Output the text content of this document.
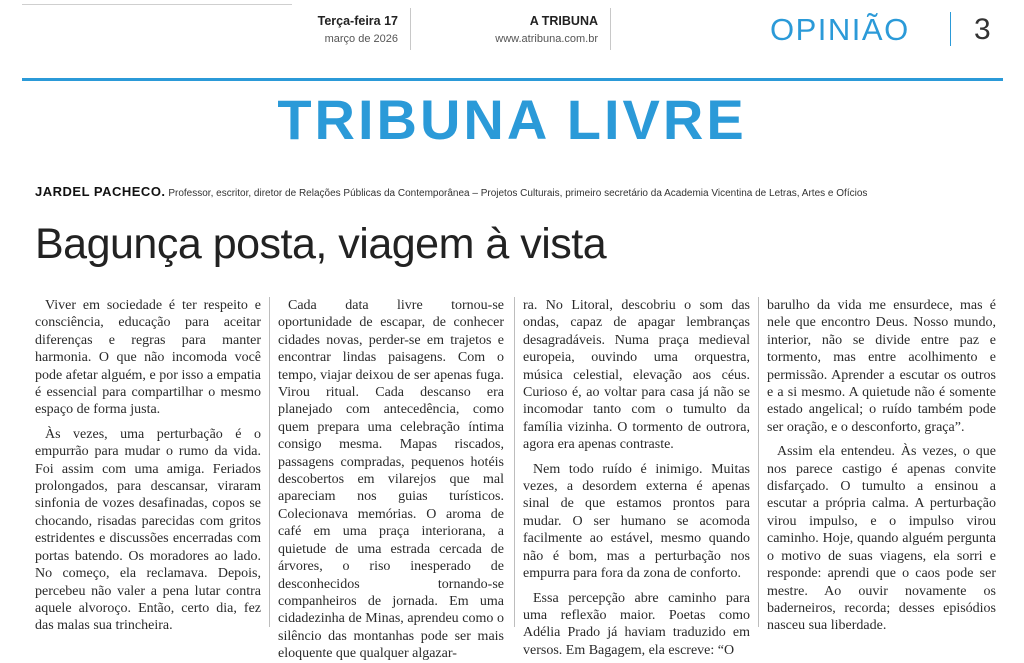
Terça-feira 17
março de 2026
A TRIBUNA
www.atribuna.com.br	OPINIÃO 3
TRIBUNA LIVRE
JARDEL PACHECO. Professor, escritor, diretor de Relações Públicas da Contemporânea – Projetos Culturais, primeiro secretário da Academia Vicentina de Letras, Artes e Ofícios
Bagunça posta, viagem à vista

Viver em sociedade é ter respeito e consciência, educação para aceitar diferenças e regras para manter harmonia. O que não incomoda você pode afetar alguém, e por isso a empatia é essencial para compartilhar o mesmo espaço de forma justa.

Às vezes, uma perturbação é o empurrão para mudar o rumo da vida. Foi assim com uma amiga. Feriados prolongados, para descansar, viraram sinfonia de vozes desafinadas, copos se chocando, risadas parecidas com gritos estridentes e discussões encerradas com portas batendo. Os moradores ao lado. No começo, ela reclamava. Depois, percebeu não valer a pena lutar contra aquele alvoroço. Então, certo dia, fez das malas sua trincheira.

Cada data livre tornou-se oportunidade de escapar, de conhecer cidades novas, perder-se em trajetos e encontrar lindas paisagens. Com o tempo, viajar deixou de ser apenas fuga. Virou ritual. Cada descanso era planejado com antecedência, como quem prepara uma celebração íntima consigo mesma. Mapas riscados, passagens compradas, pequenos hotéis descobertos em vilarejos que mal apareciam nos guias turísticos. Colecionava memórias. O aroma de café em uma praça interiorana, a quietude de uma estrada cercada de árvores, o riso inesperado de desconhecidos tornando-se companheiros de jornada. Em uma cidadezinha de Minas, aprendeu como o silêncio das montanhas pode ser mais eloquente que qualquer algazar-

ra. No Litoral, descobriu o som das ondas, capaz de apagar lembranças desagradáveis. Numa praça medieval europeia, ouvindo uma orquestra, música celestial, elevação aos céus. Curioso é, ao voltar para casa já não se incomodar tanto com o tumulto da família vizinha. O tormento de outrora, agora era apenas contraste.

Nem todo ruído é inimigo. Muitas vezes, a desordem externa é apenas sinal de que estamos prontos para mudar. O ser humano se acomoda facilmente ao estável, mesmo quando não é bom, mas a perturbação nos empurra para fora da zona de conforto.

Essa percepção abre caminho para uma reflexão maior. Poetas como Adélia Prado já haviam traduzido em versos. Em Bagagem, ela escreve: “O

barulho da vida me ensurdece, mas é nele que encontro Deus. Nosso mundo, interior, não se divide entre paz e tormento, mas entre acolhimento e permissão. Aprender a escutar os outros e a si mesmo. A quietude não é somente estado angelical; o ruído também pode ser oração, e o desconforto, graça”.

Assim ela entendeu. Às vezes, o que nos parece castigo é apenas convite disfarçado. O tumulto a ensinou a escutar a própria calma. A perturbação virou impulso, e o impulso virou caminho. Hoje, quando alguém pergunta o motivo de suas viagens, ela sorri e responde: aprendi que o caos pode ser mestre. Ao ouvir novamente os baderneiros, recorda; desses episódios nasceu sua liberdade.
